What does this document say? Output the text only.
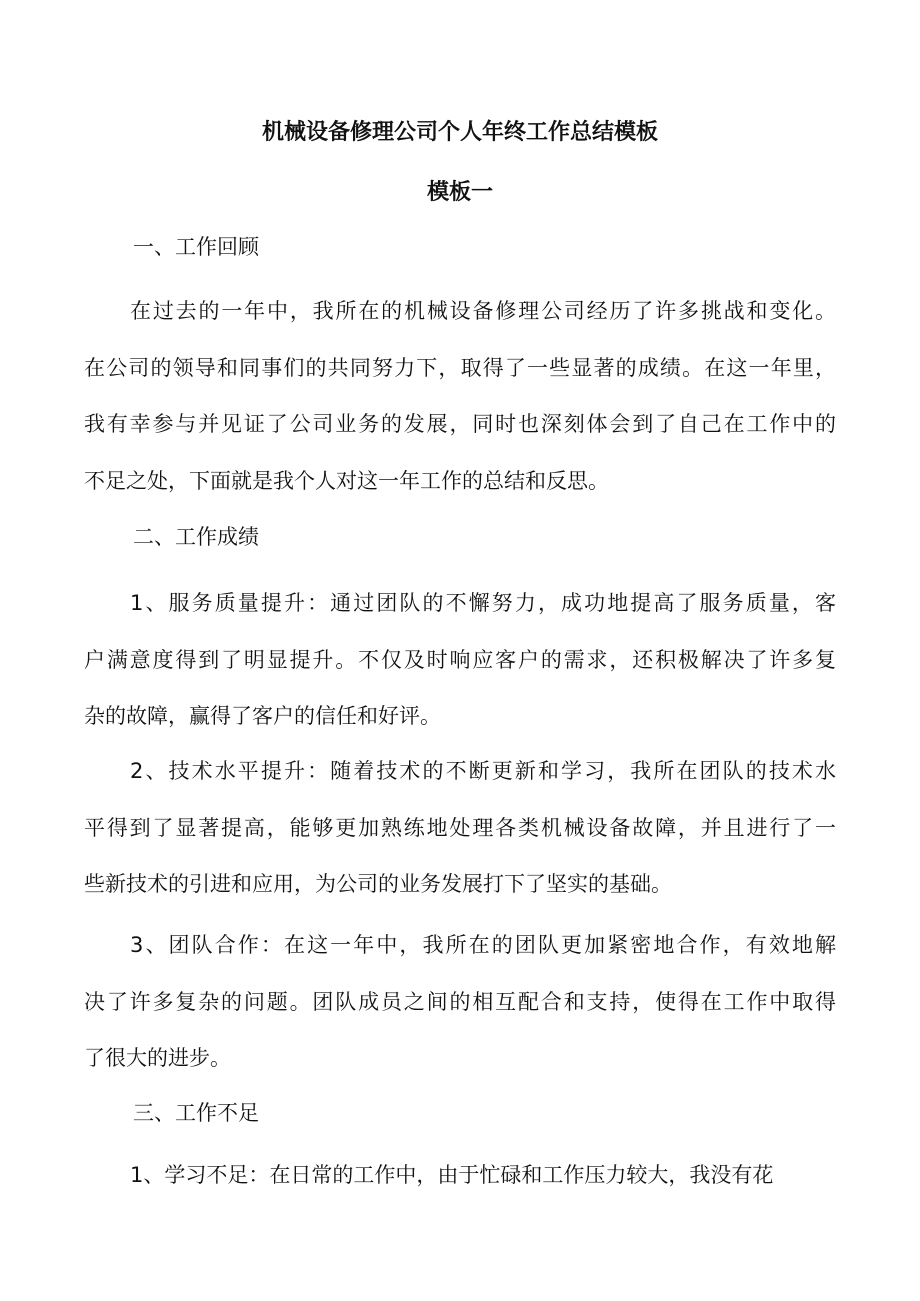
机械设备修理公司个人年终工作总结模板
模板一
一、工作回顾
在过去的一年中，我所在的机械设备修理公司经历了许多挑战和变化。
在公司的领导和同事们的共同努力下，取得了一些显著的成绩。在这一年里，
我有幸参与并见证了公司业务的发展，同时也深刻体会到了自己在工作中的
不足之处，下面就是我个人对这一年工作的总结和反思。
二、工作成绩
1、服务质量提升：通过团队的不懈努力，成功地提高了服务质量，客
户满意度得到了明显提升。不仅及时响应客户的需求，还积极解决了许多复
杂的故障，赢得了客户的信任和好评。
2、技术水平提升：随着技术的不断更新和学习，我所在团队的技术水
平得到了显著提高，能够更加熟练地处理各类机械设备故障，并且进行了一
些新技术的引进和应用，为公司的业务发展打下了坚实的基础。
3、团队合作：在这一年中，我所在的团队更加紧密地合作，有效地解
决了许多复杂的问题。团队成员之间的相互配合和支持，使得在工作中取得
了很大的进步。
三、工作不足
1、学习不足：在日常的工作中，由于忙碌和工作压力较大，我没有花
